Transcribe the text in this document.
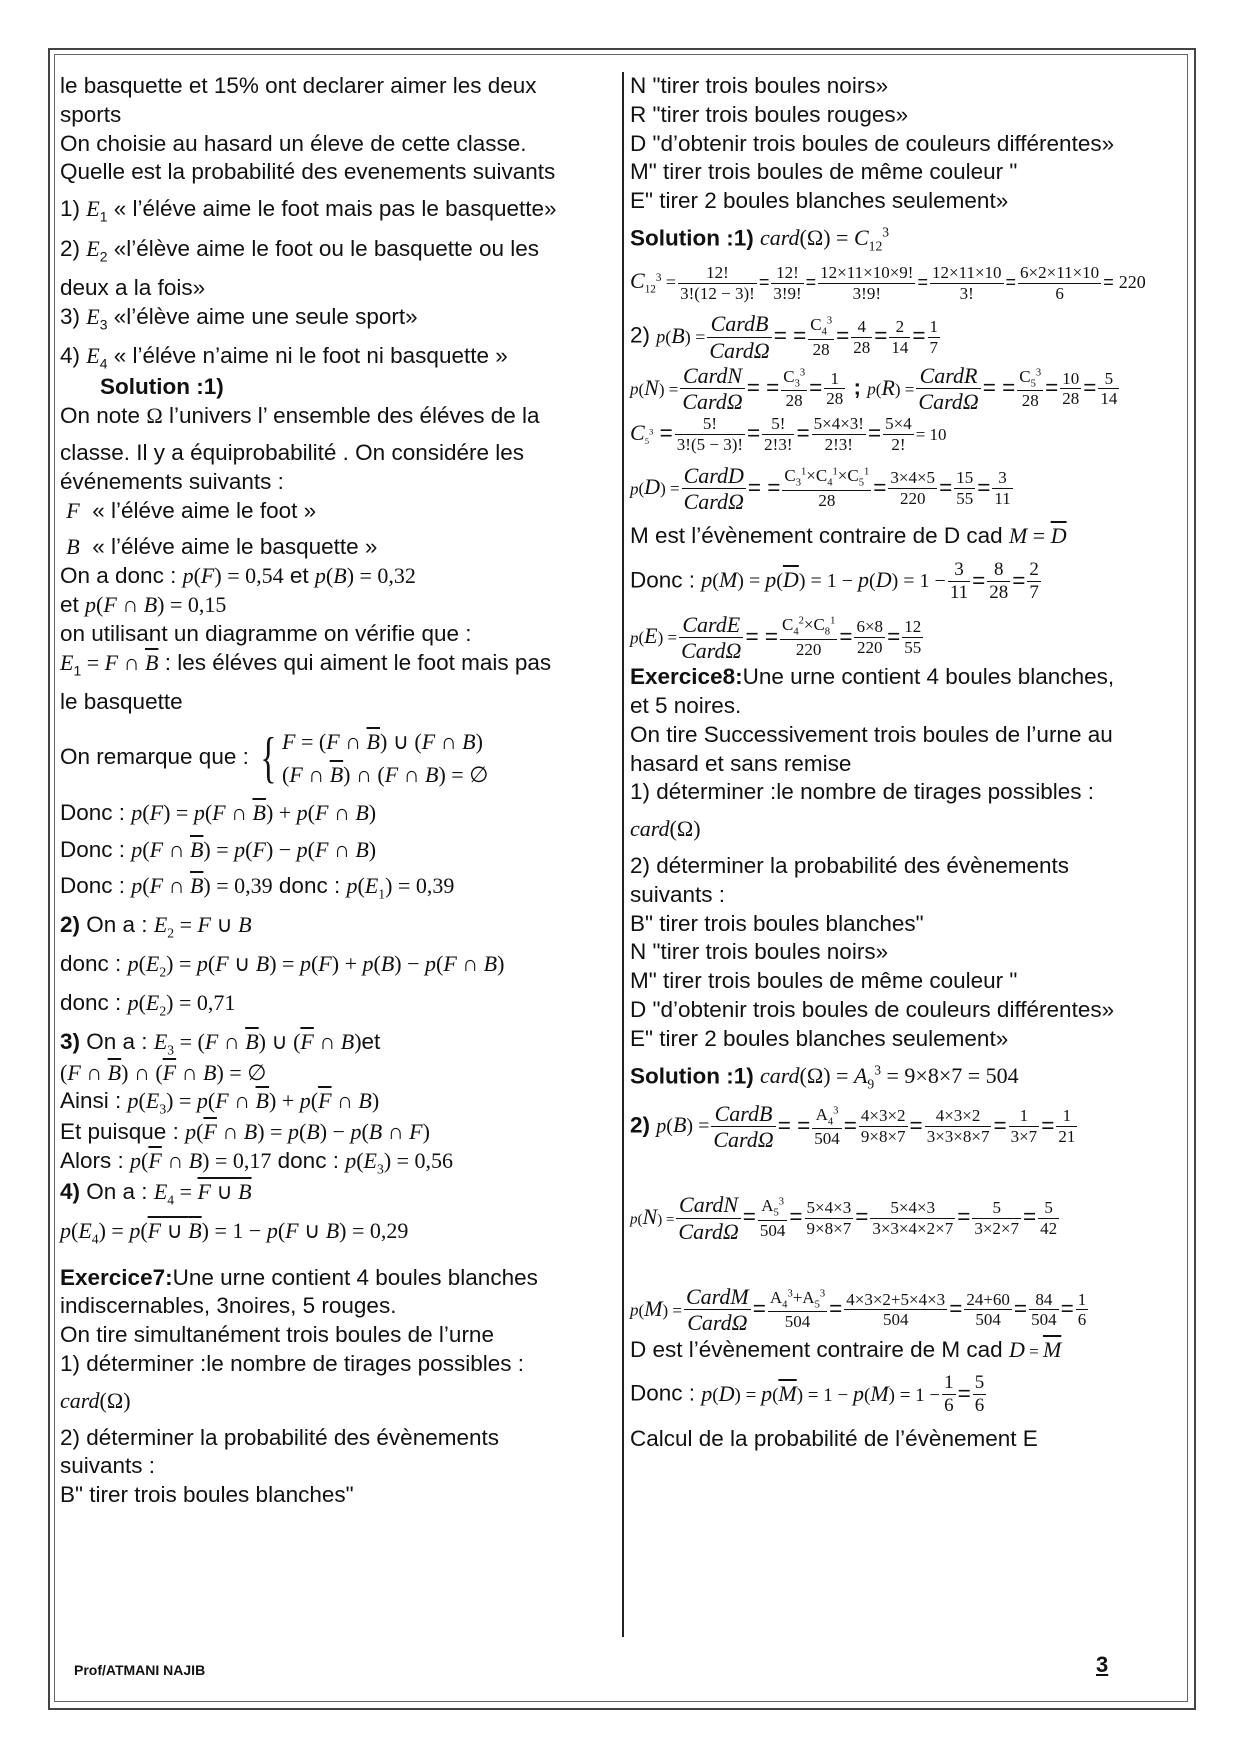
le basquette et 15% ont declarer aimer les deux
sports
On choisie au hasard un éleve de cette classe.
Quelle est la probabilité des evenements suivants
1) $E_1$ « l’éléve aime le foot mais pas le basquette»
2) $E_2$ «l’élève aime le foot ou le basquette ou les
deux a la fois»
3) $E_3$ «l’élève aime une seule sport»
4) $E_4$ « l’éléve n’aime ni le foot ni basquette »
Solution :1)
On note Ω l’univers l’ ensemble des éléves de la
classe. Il y a équiprobabilité . On considére les
événements suivants :
F « l’éléve aime le foot »
B « l’éléve aime le basquette »
On a donc : p(F) = 0,54 et p(B) = 0,32
et p(F ∩ B) = 0,15
on utilisant un diagramme on vérifie que :
$E_1 = F$ ∩ $\overline{B}$ : les éléves qui aiment le foot mais pas
le basquette
On remarque que : { F = (F ∩ $\overline{B}$) ∪ (F ∩ B)
(F ∩ $\overline{B}$) ∩ (F ∩ B) = ∅
Donc : p(F) = p(F ∩ $\overline{B}) + p(F$ ∩ B)
Donc : p(F ∩ $\overline{B}) = p(F) - p(F$ ∩ B)
Donc : p(F ∩ $\overline{B}) = 0,39$ donc : $p(E_1) = 0,39$
2) On a : $E_2 = F$ ∪ B
donc : $p(E_2) = p(F$ ∪ B) = p(F) + p(B) − p(F ∩ B)
donc : $p(E_2) = 0,71$
3) On a : $E_3 = (F$ ∩ $\overline{B}$) ∪ ($\overline{F}$ ∩ B)et
(F ∩ $\overline{B}$) ∩ ($\overline{F}$ ∩ B) = ∅
Ainsi : $p(E_3) = p(F$ ∩ $\overline{B}) + p(\overline{F}$ ∩ B)
Et puisque : $p(\overline{F}$ ∩ B) = p(B) − p(B ∩ F)
Alors : $p(\overline{F}$ ∩ B) = 0,17 donc : $p(E_3) = 0,56$
4) On a : $E_4 = F$ ∪ B
$p(E_4) = p(F$ ∪ B) = 1 − p(F ∪ B) = 0,29
Exercice7:Une urne contient 4 boules blanches
indiscernables, 3noires, 5 rouges.
On tire simultanément trois boules de l’urne
1) déterminer :le nombre de tirages possibles :
card(Ω)
2) déterminer la probabilité des évènements
suivants :
B" tirer trois boules blanches"
N "tirer trois boules noirs»
R "tirer trois boules rouges»
D "d’obtenir trois boules de couleurs différentes»
M" tirer trois boules de même couleur "
E" tirer 2 boules blanches seulement»
Solution :1) card(Ω) = $C_{12}^3$
$C_{12}^3 = \frac{12!}{3!(12 - 3)!} = \frac{12!}{3!9!} = \frac{12\times 11\times 10\times 9!}{3!9!} = \frac{12\times 11\times 10}{3!} = \frac{6\times 2\times 11\times 10}{6} = 220$
2) $p(B) = \frac{\text{CardB}}{\text{CardΩ}}$ = = $\frac{C_4^3}{28} = \frac{4}{28} = \frac{2}{14} = \frac{1}{7}$
$p(N) = \frac{\text{CardN}}{\text{CardΩ}}$ = = $\frac{C_3^3}{28} = \frac{1}{28}$ ; $p(R) = \frac{\text{CardR}}{\text{CardΩ}}$ = = $\frac{C_5^3}{28} = \frac{10}{28} = \frac{5}{14}$
$C_5^3 = \frac{5!}{3!(5 - 3)!} = \frac{5!}{2!3!} = \frac{5\times 4\times 3!}{2!3!} = \frac{5\times 4}{2!} = 10$
$p(D) = \frac{\text{CardD}}{\text{CardΩ}}$ = = $\frac{C_3^1\times C_4^1\times C_5^1}{28} = \frac{3\times 4\times 5}{220} = \frac{15}{55} = \frac{3}{11}$
M est l’évènement contraire de D cad $M = \overline{D}$
Donc : $p(M) = p(\overline{D}) = 1 - p(D) = 1 - \frac{3}{11} = \frac{8}{28} = \frac{2}{7}$
$p(E) = \frac{\text{CardE}}{\text{CardΩ}}$ = = $\frac{C_4^2\times C_8^1}{220} = \frac{6\times 8}{220} = \frac{12}{55}$
Exercice8:Une urne contient 4 boules blanches,
et 5 noires.
On tire Successivement trois boules de l’urne au
hasard et sans remise
1) déterminer :le nombre de tirages possibles :
card(Ω)
2) déterminer la probabilité des évènements
suivants :
B" tirer trois boules blanches"
N "tirer trois boules noirs»
M" tirer trois boules de même couleur "
D "d’obtenir trois boules de couleurs différentes»
E" tirer 2 boules blanches seulement»
Solution :1) card(Ω) = $A_9^3 = 9\times 8\times 7 = 504$
2) $p(B) = \frac{\text{CardB}}{\text{CardΩ}}$ = = $\frac{A_4^3}{504} = \frac{4\times 3\times 2}{9\times 8\times 7} = \frac{4\times 3\times 2}{3\times 3\times 8\times 7} = \frac{1}{3\times 7} = \frac{1}{21}$
$p(N) = \frac{\text{CardN}}{\text{CardΩ}} = \frac{A_5^3}{504} = \frac{5\times 4\times 3}{9\times 8\times 7} = \frac{5\times 4\times 3}{3\times 3\times 4\times 2\times 7} = \frac{5}{3\times 2\times 7} = \frac{5}{42}$
$p(M) = \frac{\text{CardM}}{\text{CardΩ}} = \frac{A_4^3+A_5^3}{504} = \frac{4\times 3\times 2+5\times 4\times 3}{504} = \frac{24+60}{504} = \frac{84}{504} = \frac{1}{6}$
D est l’évènement contraire de M cad $D = \overline{M}$
Donc : $p(D) = p(\overline{M}) = 1 - p(M) = 1 - \frac{1}{6} = \frac{5}{6}$
Calcul de la probabilité de l’évènement E
Prof/ATMANI NAJIB	3
